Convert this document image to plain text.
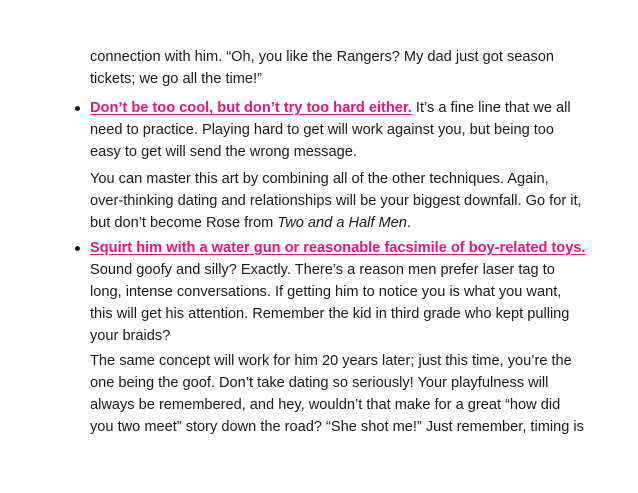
connection with him. “Oh, you like the Rangers? My dad just got season
tickets; we go all the time!”
Don’t be too cool, but don’t try too hard either. It’s a fine line that we all
need to practice. Playing hard to get will work against you, but being too
easy to get will send the wrong message.
You can master this art by combining all of the other techniques. Again,
over-thinking dating and relationships will be your biggest downfall. Go for it,
but don’t become Rose from Two and a Half Men.
Squirt him with a water gun or reasonable facsimile of boy-related toys.
Sound goofy and silly? Exactly. There’s a reason men prefer laser tag to
long, intense conversations. If getting him to notice you is what you want,
this will get his attention. Remember the kid in third grade who kept pulling
your braids?
The same concept will work for him 20 years later; just this time, you’re the
one being the goof. Don’t take dating so seriously! Your playfulness will
always be remembered, and hey, wouldn’t that make for a great “how did
you two meet” story down the road? “She shot me!” Just remember, timing is
